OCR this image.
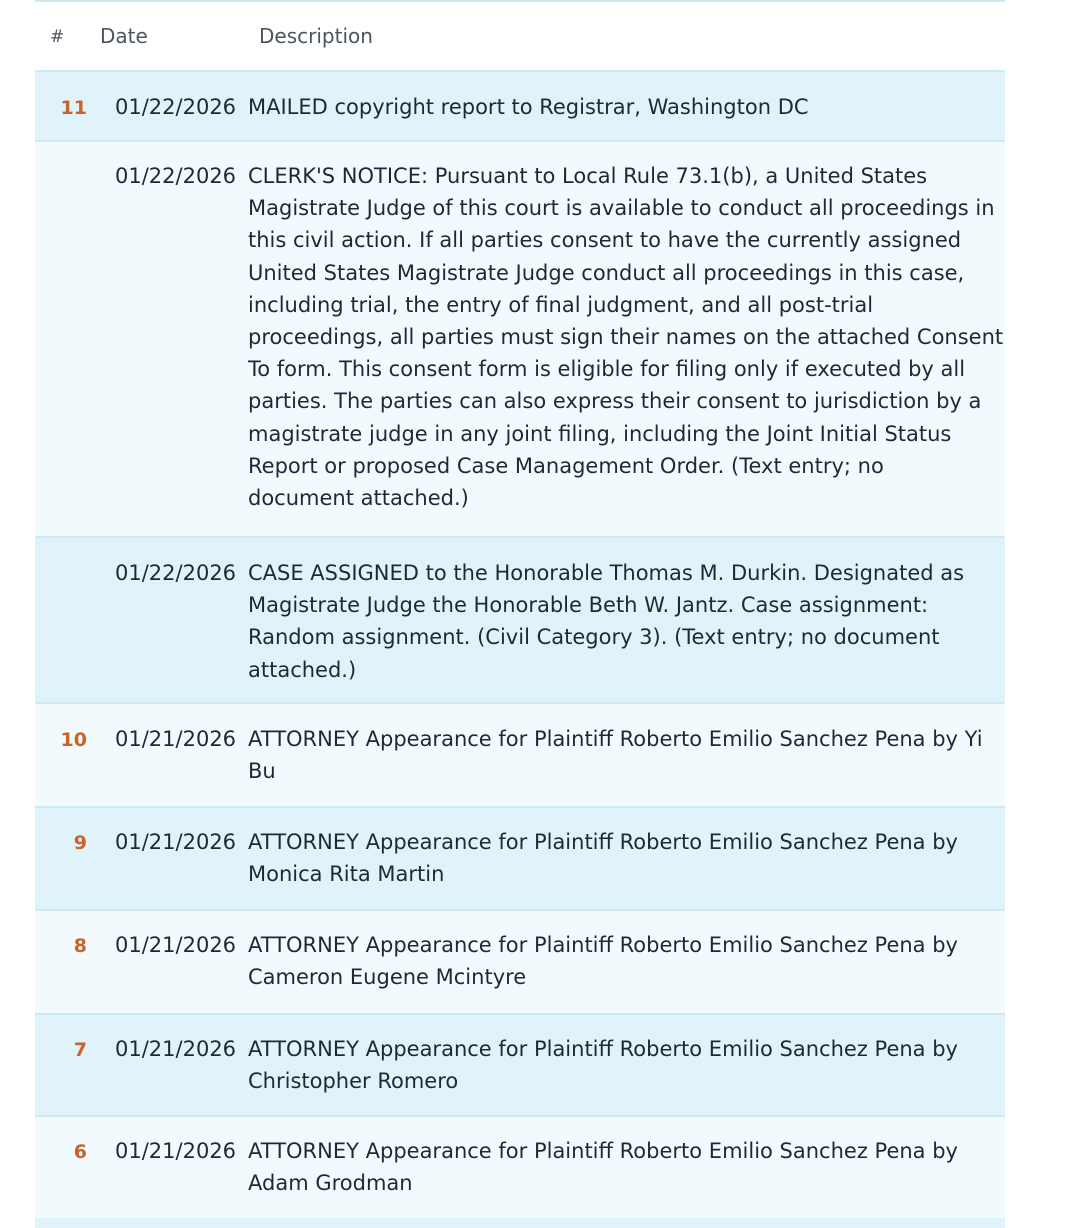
# Date	Description
11 01/22/2026 MAILED copyright report to Registrar, Washington DC
01/22/2026 CLERK'S NOTICE: Pursuant to Local Rule 73.1(b), a United States
Magistrate Judge of this court is available to conduct all proceedings in
this civil action. If all parties consent to have the currently assigned
United States Magistrate Judge conduct all proceedings in this case,
including trial, the entry of final judgment, and all post-trial
proceedings, all parties must sign their names on the attached Consent
To form. This consent form is eligible for filing only if executed by all
parties. The parties can also express their consent to jurisdiction by a
magistrate judge in any joint filing, including the Joint Initial Status
Report or proposed Case Management Order. (Text entry; no
document attached.)
01/22/2026 CASE ASSIGNED to the Honorable Thomas M. Durkin. Designated as
Magistrate Judge the Honorable Beth W. Jantz. Case assignment:
Random assignment. (Civil Category 3). (Text entry; no document
attached.)
10 01/21/2026 ATTORNEY Appearance for Plaintiff Roberto Emilio Sanchez Pena by Yi
Bu
9 01/21/2026 ATTORNEY Appearance for Plaintiff Roberto Emilio Sanchez Pena by
Monica Rita Martin
8 01/21/2026 ATTORNEY Appearance for Plaintiff Roberto Emilio Sanchez Pena by
Cameron Eugene Mcintyre
7 01/21/2026 ATTORNEY Appearance for Plaintiff Roberto Emilio Sanchez Pena by
Christopher Romero
6 01/21/2026 ATTORNEY Appearance for Plaintiff Roberto Emilio Sanchez Pena by
Adam Grodman
